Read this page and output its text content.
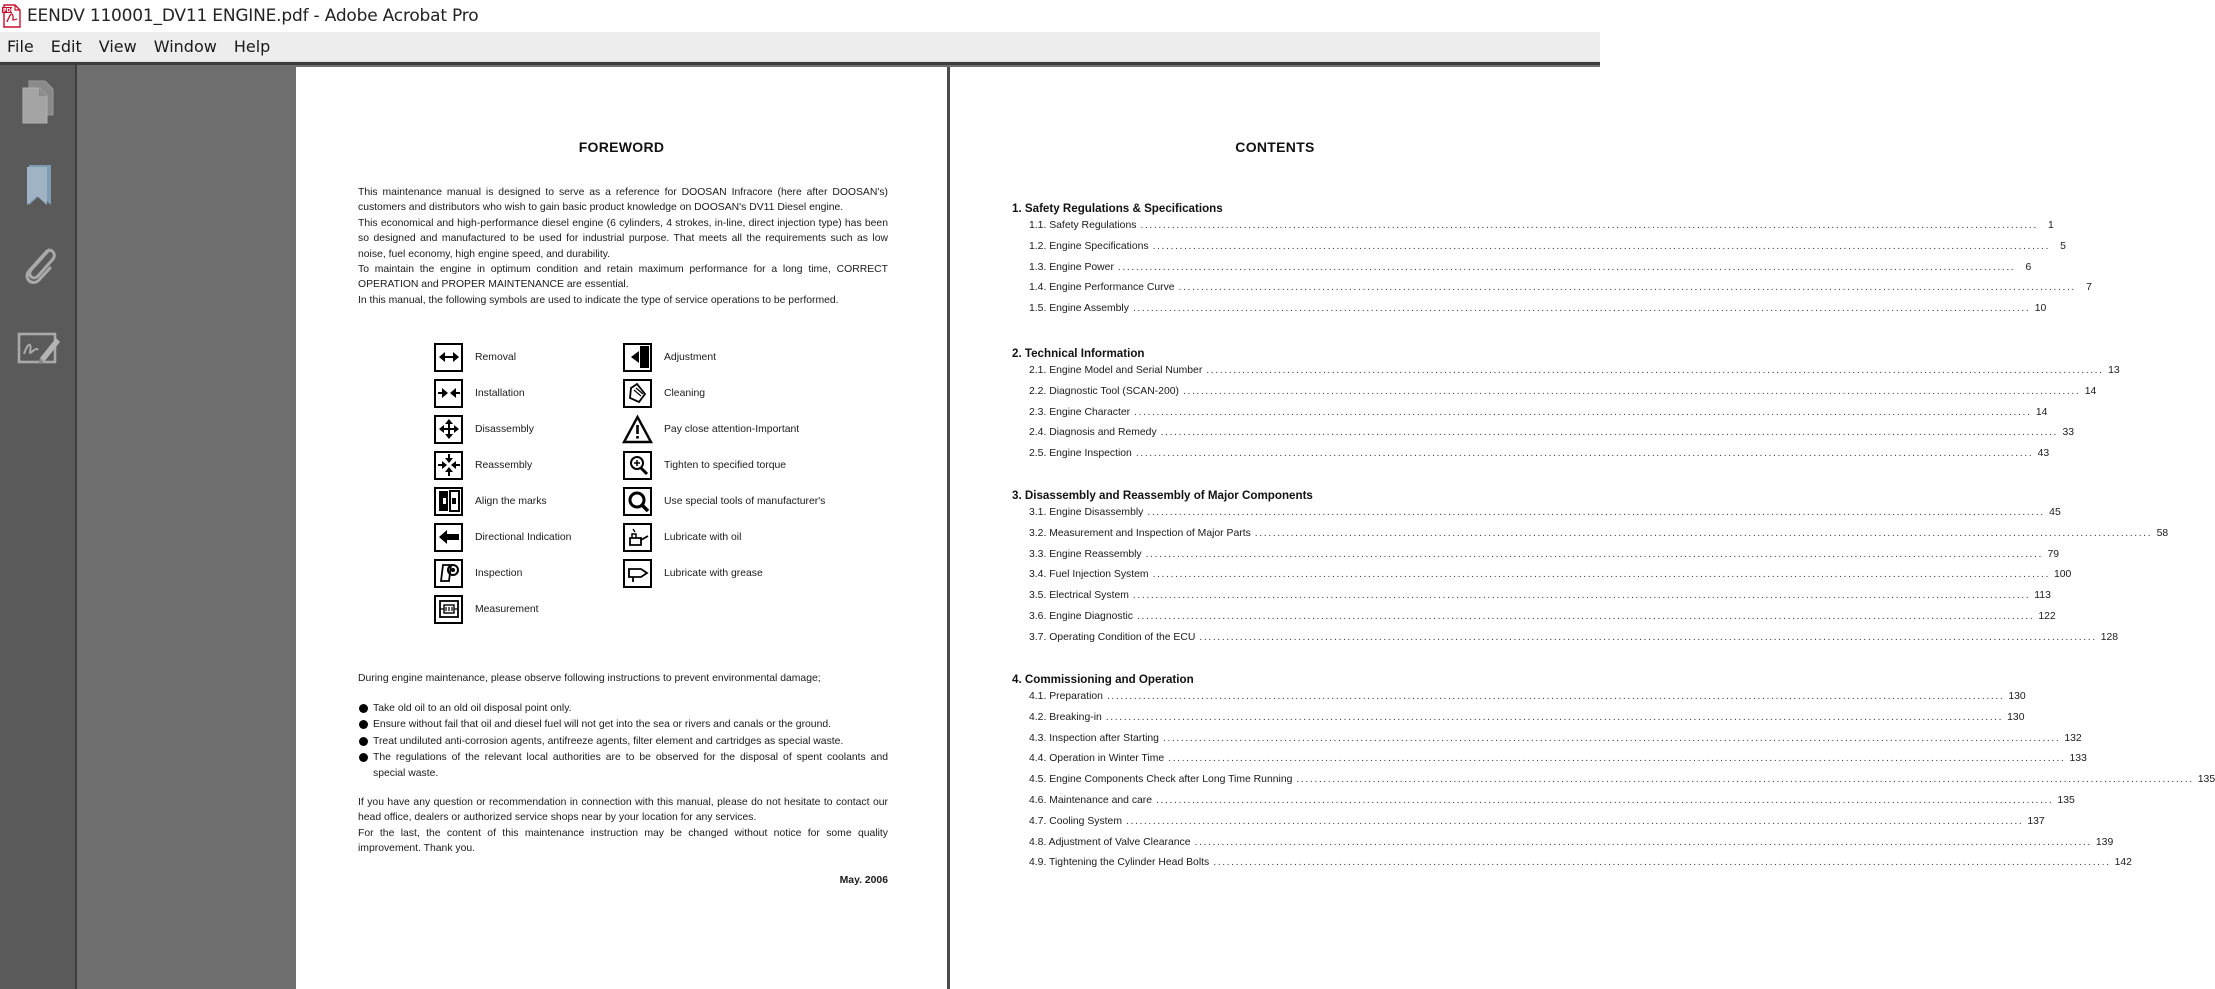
PDF EENDV 110001_DV11 ENGINE.pdf - Adobe Acrobat Pro
File	Edit	View	Window	Help
FOREWORD

This maintenance manual is designed to serve as a reference for DOOSAN Infracore (here after DOOSAN's) customers and distributors who wish to gain basic product knowledge on DOOSAN's DV11 Diesel engine.

This economical and high-performance diesel engine (6 cylinders, 4 strokes, in-line, direct injection type) has been so designed and manufactured to be used for industrial purpose. That meets all the requirements such as low noise, fuel economy, high engine speed, and durability.

To maintain the engine in optimum condition and retain maximum performance for a long time, CORRECT OPERATION and PROPER MAINTENANCE are essential.

In this manual, the following symbols are used to indicate the type of service operations to be performed.

Removal
Installation
Disassembly
Reassembly
Align the marks
Directional Indication
Inspection
Measurement
Adjustment
Cleaning
Pay close attention-Important
Tighten to specified torque
Use special tools of manufacturer's
Lubricate with oil
Lubricate with grease
During engine maintenance, please observe following instructions to prevent environmental damage;
Take old oil to an old oil disposal point only.
Ensure without fail that oil and diesel fuel will not get into the sea or rivers and canals or the ground.
Treat undiluted anti-corrosion agents, antifreeze agents, filter element and cartridges as special waste.
The regulations of the relevant local authorities are to be observed for the disposal of spent coolants and special waste.

If you have any question or recommendation in connection with this manual, please do not hesitate to contact our head office, dealers or authorized service shops near by your location for any services.

For the last, the content of this maintenance instruction may be changed without notice for some quality improvement. Thank you.

May. 2006
CONTENTS
1. Safety Regulations & Specifications
1.1. Safety Regulations ........................................................................................................................................................................................................ 1
1.2. Engine Specifications ........................................................................................................................................................................................................ 5
1.3. Engine Power ........................................................................................................................................................................................................ 6
1.4. Engine Performance Curve ........................................................................................................................................................................................................ 7
1.5. Engine Assembly ........................................................................................................................................................................................................ 10
2. Technical Information
2.1. Engine Model and Serial Number ........................................................................................................................................................................................................ 13
2.2. Diagnostic Tool (SCAN-200) ........................................................................................................................................................................................................ 14
2.3. Engine Character ........................................................................................................................................................................................................ 14
2.4. Diagnosis and Remedy ........................................................................................................................................................................................................ 33
2.5. Engine Inspection ........................................................................................................................................................................................................ 43
3. Disassembly and Reassembly of Major Components
3.1. Engine Disassembly ........................................................................................................................................................................................................ 45
3.2. Measurement and Inspection of Major Parts ........................................................................................................................................................................................................ 58
3.3. Engine Reassembly ........................................................................................................................................................................................................ 79
3.4. Fuel Injection System ........................................................................................................................................................................................................ 100
3.5. Electrical System ........................................................................................................................................................................................................ 113
3.6. Engine Diagnostic ........................................................................................................................................................................................................ 122
3.7. Operating Condition of the ECU ........................................................................................................................................................................................................ 128
4. Commissioning and Operation
4.1. Preparation ........................................................................................................................................................................................................ 130
4.2. Breaking-in ........................................................................................................................................................................................................ 130
4.3. Inspection after Starting ........................................................................................................................................................................................................ 132
4.4. Operation in Winter Time ........................................................................................................................................................................................................ 133
4.5. Engine Components Check after Long Time Running ........................................................................................................................................................................................................ 135
4.6. Maintenance and care ........................................................................................................................................................................................................ 135
4.7. Cooling System ........................................................................................................................................................................................................ 137
4.8. Adjustment of Valve Clearance ........................................................................................................................................................................................................ 139
4.9. Tightening the Cylinder Head Bolts ........................................................................................................................................................................................................ 142
